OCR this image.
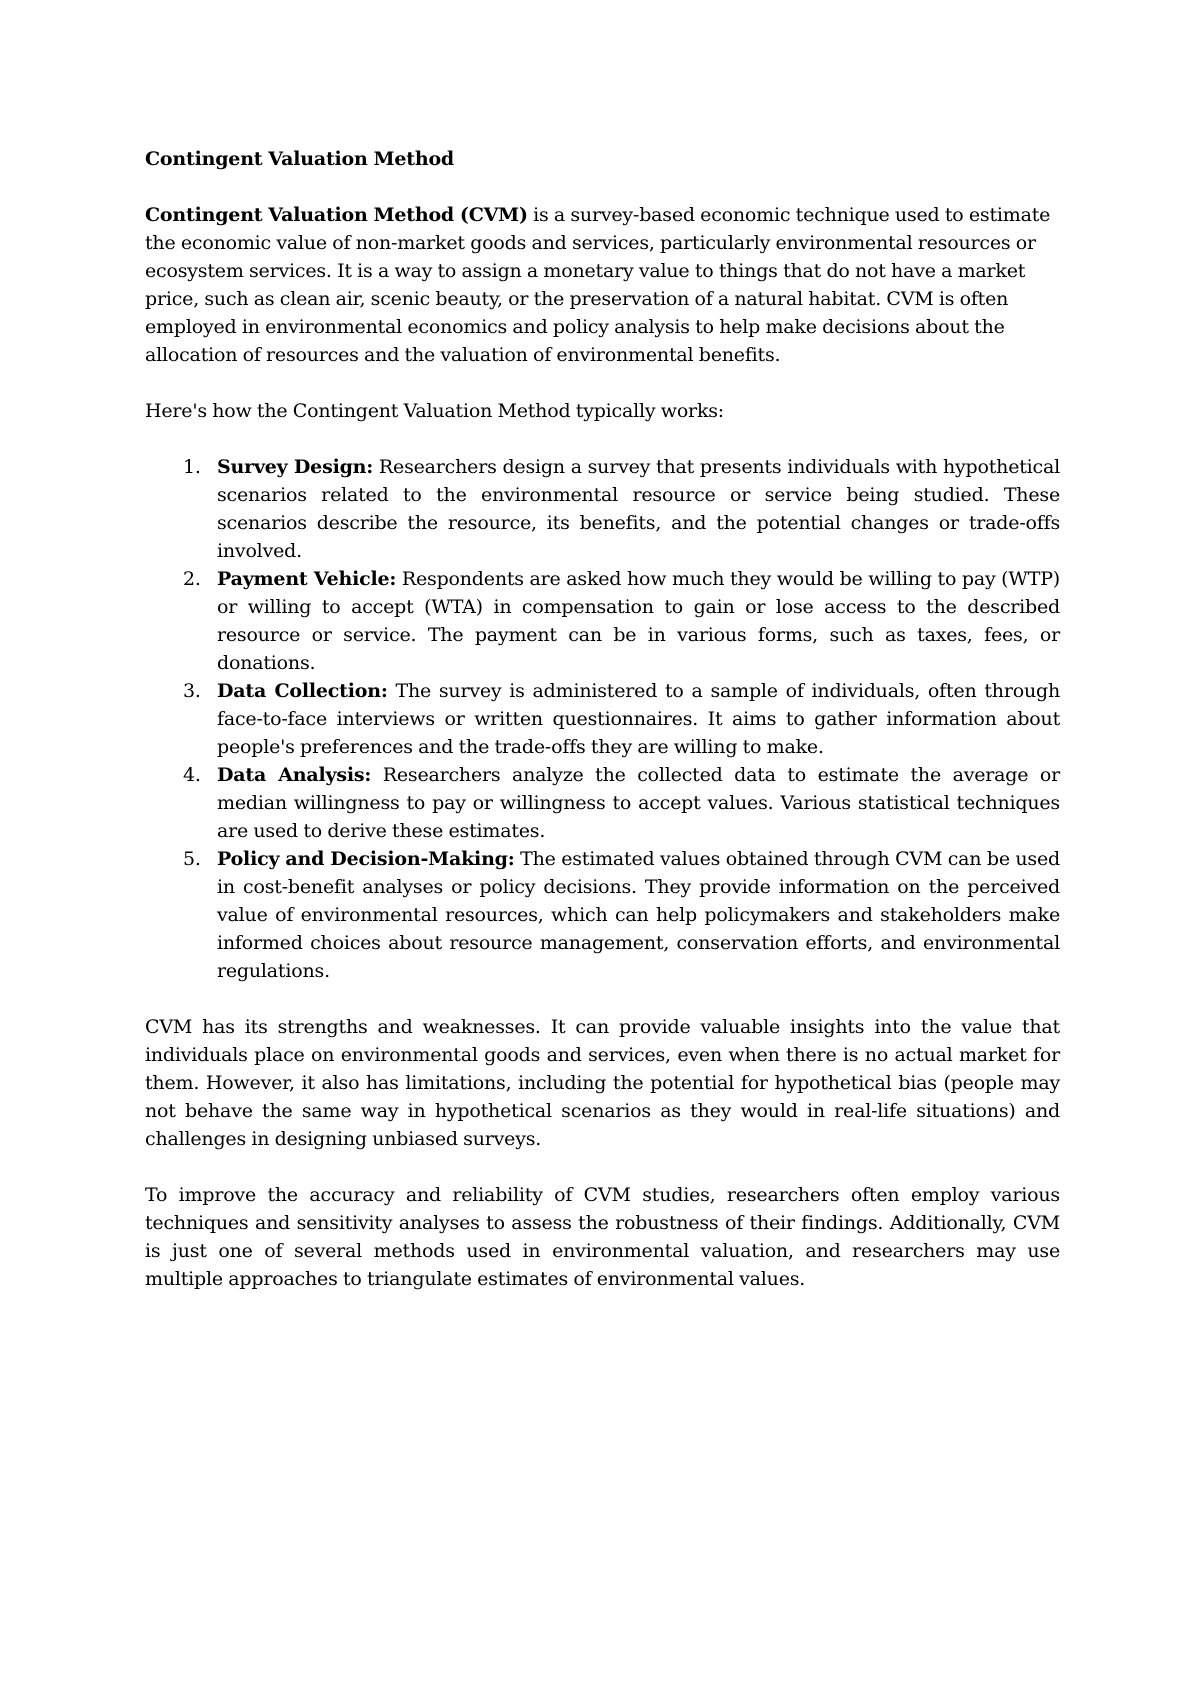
Contingent Valuation Method

Contingent Valuation Method (CVM) is a survey-based economic technique used to estimate the economic value of non-market goods and services, particularly environmental resources or ecosystem services. It is a way to assign a monetary value to things that do not have a market price, such as clean air, scenic beauty, or the preservation of a natural habitat. CVM is often employed in environmental economics and policy analysis to help make decisions about the allocation of resources and the valuation of environmental benefits.

Here's how the Contingent Valuation Method typically works:

1. Survey Design: Researchers design a survey that presents individuals with hypothetical scenarios related to the environmental resource or service being studied. These scenarios describe the resource, its benefits, and the potential changes or trade-offs involved.
2. Payment Vehicle: Respondents are asked how much they would be willing to pay (WTP) or willing to accept (WTA) in compensation to gain or lose access to the described resource or service. The payment can be in various forms, such as taxes, fees, or donations.
3. Data Collection: The survey is administered to a sample of individuals, often through face-to-face interviews or written questionnaires. It aims to gather information about people's preferences and the trade-offs they are willing to make.
4. Data Analysis: Researchers analyze the collected data to estimate the average or median willingness to pay or willingness to accept values. Various statistical techniques are used to derive these estimates.
5. Policy and Decision-Making: The estimated values obtained through CVM can be used in cost-benefit analyses or policy decisions. They provide information on the perceived value of environmental resources, which can help policymakers and stakeholders make informed choices about resource management, conservation efforts, and environmental regulations.

CVM has its strengths and weaknesses. It can provide valuable insights into the value that individuals place on environmental goods and services, even when there is no actual market for them. However, it also has limitations, including the potential for hypothetical bias (people may not behave the same way in hypothetical scenarios as they would in real-life situations) and challenges in designing unbiased surveys.

To improve the accuracy and reliability of CVM studies, researchers often employ various techniques and sensitivity analyses to assess the robustness of their findings. Additionally, CVM is just one of several methods used in environmental valuation, and researchers may use multiple approaches to triangulate estimates of environmental values.
